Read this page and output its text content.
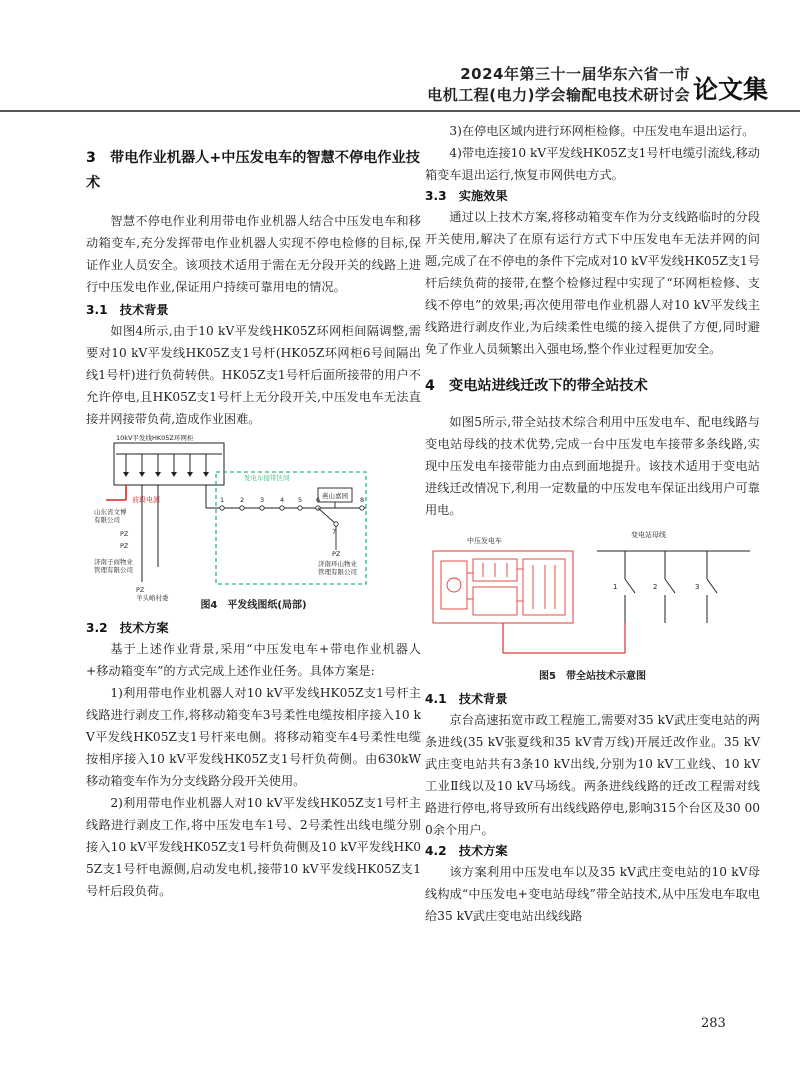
2024年第三十一届华东六省一市
电机工程(电力)学会输配电技术研讨会 论文集
3　带电作业机器人+中压发电车的智慧不停电作业技术
智慧不停电作业利用带电作业机器人结合中压发电车和移动箱变车,充分发挥带电作业机器人实现不停电检修的目标,保证作业人员安全。该项技术适用于需在无分段开关的线路上进行中压发电作业,保证用户持续可靠用电的情况。
3.1　技术背景
如图4所示,由于10 kV平发线HK05Z环网柜间隔调整,需要对10 kV平发线HK05Z支1号杆(HK05Z环网柜6号间隔出线1号杆)进行负荷转供。HK05Z支1号杆后面所接带的用户不允许停电,且HK05Z支1号杆上无分段开关,中压发电车无法直接并网接带负荷,造成作业困难。
10kV平发线HK05Z环网柜
前段电源
山东省文博
有限公司
PZ
PZ
济南子商物业
管理有限公司
PZ
羊头峪村委
发电车接带区间
燕山嘉园
1 2 3 4 5 6	8
7
PZ
济南环山物业
管理有限公司
图4　平发线图纸(局部)
3.2　技术方案
基于上述作业背景,采用“中压发电车+带电作业机器人+移动箱变车”的方式完成上述作业任务。具体方案是:
1)利用带电作业机器人对10 kV平发线HK05Z支1号杆主线路进行剥皮工作,将移动箱变车3号柔性电缆按相序接入10 kV平发线HK05Z支1号杆来电侧。将移动箱变车4号柔性电缆按相序接入10 kV平发线HK05Z支1号杆负荷侧。由630kW移动箱变车作为分支线路分段开关使用。
2)利用带电作业机器人对10 kV平发线HK05Z支1号杆主线路进行剥皮工作,将中压发电车1号、2号柔性出线电缆分别接入10 kV平发线HK05Z支1号杆负荷侧及10 kV平发线HK05Z支1号杆电源侧,启动发电机,接带10 kV平发线HK05Z支1号杆后段负荷。
3)在停电区域内进行环网柜检修。中压发电车退出运行。
4)带电连接10 kV平发线HK05Z支1号杆电缆引流线,移动箱变车退出运行,恢复市网供电方式。
3.3　实施效果
通过以上技术方案,将移动箱变车作为分支线路临时的分段开关使用,解决了在原有运行方式下中压发电车无法并网的问题,完成了在不停电的条件下完成对10 kV平发线HK05Z支1号杆后续负荷的接带,在整个检修过程中实现了“环网柜检修、支线不停电”的效果;再次使用带电作业机器人对10 kV平发线主线路进行剥皮作业,为后续柔性电缆的接入提供了方便,同时避免了作业人员频繁出入强电场,整个作业过程更加安全。
4　变电站进线迁改下的带全站技术
如图5所示,带全站技术综合利用中压发电车、配电线路与变电站母线的技术优势,完成一台中压发电车接带多条线路,实现中压发电车接带能力由点到面地提升。该技术适用于变电站进线迁改情况下,利用一定数量的中压发电车保证出线用户可靠用电。
中压发电车
变电站母线
1	2	3
图5　带全站技术示意图
4.1　技术背景
京台高速拓宽市政工程施工,需要对35 kV武庄变电站的两条进线(35 kV张夏线和35 kV青万线)开展迁改作业。35 kV武庄变电站共有3条10 kV出线,分别为10 kV工业线、10 kV工业Ⅱ线以及10 kV马场线。两条进线线路的迁改工程需对线路进行停电,将导致所有出线线路停电,影响315个台区及30 000余个用户。
4.2　技术方案
该方案利用中压发电车以及35 kV武庄变电站的10 kV母线构成“中压发电+变电站母线”带全站技术,从中压发电车取电给35 kV武庄变电站出线线路
283
